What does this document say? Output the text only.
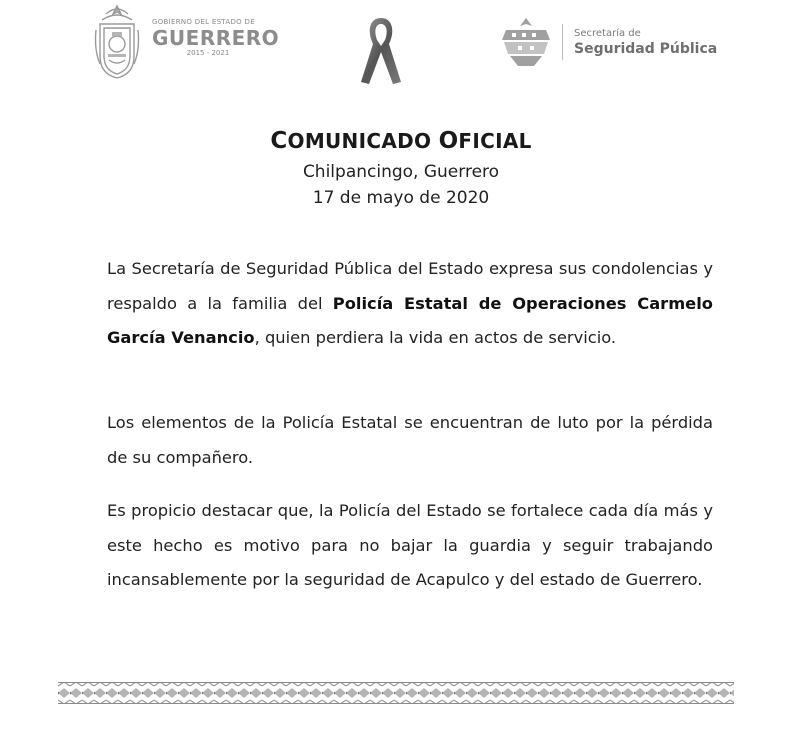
GOBIERNO DEL ESTADO DE
GUERRERO
2015 - 2021
Secretaría de
Seguridad Pública
COMUNICADO OFICIAL
Chilpancingo, Guerrero
17 de mayo de 2020

La Secretaría de Seguridad Pública del Estado expresa sus condolencias y respaldo a la familia del Policía Estatal de Operaciones Carmelo García Venancio, quien perdiera la vida en actos de servicio.

Los elementos de la Policía Estatal se encuentran de luto por la pérdida de su compañero.

Es propicio destacar que, la Policía del Estado se fortalece cada día más y este hecho es motivo para no bajar la guardia y seguir trabajando incansablemente por la seguridad de Acapulco y del estado de Guerrero.
